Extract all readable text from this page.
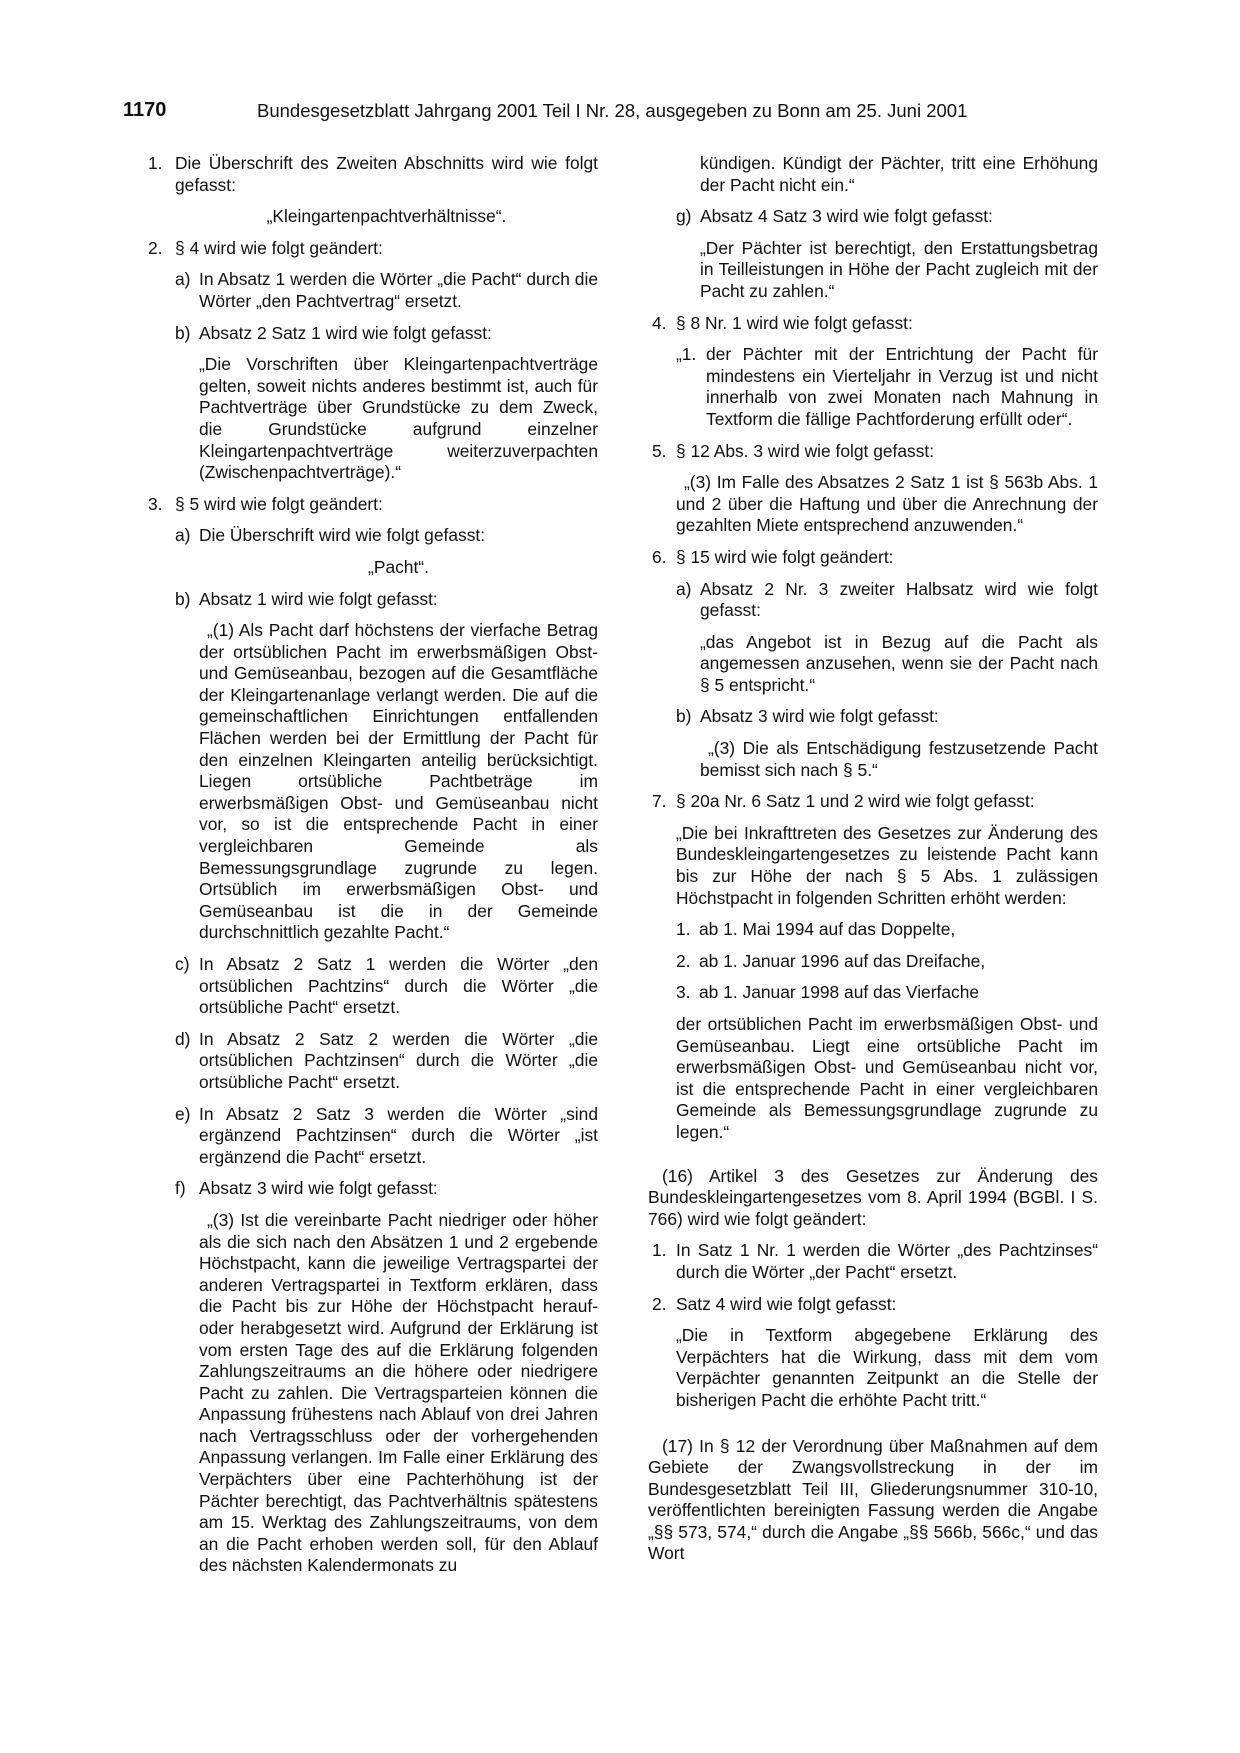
1170	Bundesgesetzblatt Jahrgang 2001 Teil I Nr. 28, ausgegeben zu Bonn am 25. Juni 2001
1. Die Überschrift des Zweiten Abschnitts wird wie folgt gefasst:
„Kleingartenpachtverhältnisse“.
2. § 4 wird wie folgt geändert:
a) In Absatz 1 werden die Wörter „die Pacht“ durch die Wörter „den Pachtvertrag“ ersetzt.
b) Absatz 2 Satz 1 wird wie folgt gefasst:
„Die Vorschriften über Kleingartenpachtverträge gelten, soweit nichts anderes bestimmt ist, auch für Pachtverträge über Grundstücke zu dem Zweck, die Grundstücke aufgrund einzelner Kleingartenpachtverträge weiterzuverpachten (Zwischenpachtverträge).“
3. § 5 wird wie folgt geändert:
a) Die Überschrift wird wie folgt gefasst:
„Pacht“.
b) Absatz 1 wird wie folgt gefasst:
„(1) Als Pacht darf höchstens der vierfache Betrag der ortsüblichen Pacht im erwerbsmäßigen Obst- und Gemüseanbau, bezogen auf die Gesamtfläche der Kleingartenanlage verlangt werden. Die auf die gemeinschaftlichen Einrichtungen entfallenden Flächen werden bei der Ermittlung der Pacht für den einzelnen Kleingarten anteilig berücksichtigt. Liegen ortsübliche Pachtbeträge im erwerbsmäßigen Obst- und Gemüseanbau nicht vor, so ist die entsprechende Pacht in einer vergleichbaren Gemeinde als Bemessungsgrundlage zugrunde zu legen. Ortsüblich im erwerbsmäßigen Obst- und Gemüseanbau ist die in der Gemeinde durchschnittlich gezahlte Pacht.“
c) In Absatz 2 Satz 1 werden die Wörter „den ortsüblichen Pachtzins“ durch die Wörter „die ortsübliche Pacht“ ersetzt.
d) In Absatz 2 Satz 2 werden die Wörter „die ortsüblichen Pachtzinsen“ durch die Wörter „die ortsübliche Pacht“ ersetzt.
e) In Absatz 2 Satz 3 werden die Wörter „sind ergänzend Pachtzinsen“ durch die Wörter „ist ergänzend die Pacht“ ersetzt.
f) Absatz 3 wird wie folgt gefasst:
„(3) Ist die vereinbarte Pacht niedriger oder höher als die sich nach den Absätzen 1 und 2 ergebende Höchstpacht, kann die jeweilige Vertragspartei der anderen Vertragspartei in Textform erklären, dass die Pacht bis zur Höhe der Höchstpacht herauf- oder herabgesetzt wird. Aufgrund der Erklärung ist vom ersten Tage des auf die Erklärung folgenden Zahlungszeitraums an die höhere oder niedrigere Pacht zu zahlen. Die Vertragsparteien können die Anpassung frühestens nach Ablauf von drei Jahren nach Vertragsschluss oder der vorhergehenden Anpassung verlangen. Im Falle einer Erklärung des Verpächters über eine Pachterhöhung ist der Pächter berechtigt, das Pachtverhältnis spätestens am 15. Werktag des Zahlungszeitraums, von dem an die Pacht erhoben werden soll, für den Ablauf des nächsten Kalendermonats zu
kündigen. Kündigt der Pächter, tritt eine Erhöhung der Pacht nicht ein.“
g) Absatz 4 Satz 3 wird wie folgt gefasst:
„Der Pächter ist berechtigt, den Erstattungsbetrag in Teilleistungen in Höhe der Pacht zugleich mit der Pacht zu zahlen.“
4. § 8 Nr. 1 wird wie folgt gefasst:
„1. der Pächter mit der Entrichtung der Pacht für mindestens ein Vierteljahr in Verzug ist und nicht innerhalb von zwei Monaten nach Mahnung in Textform die fällige Pachtforderung erfüllt oder“.
5. § 12 Abs. 3 wird wie folgt gefasst:
„(3) Im Falle des Absatzes 2 Satz 1 ist § 563b Abs. 1 und 2 über die Haftung und über die Anrechnung der gezahlten Miete entsprechend anzuwenden.“
6. § 15 wird wie folgt geändert:
a) Absatz 2 Nr. 3 zweiter Halbsatz wird wie folgt gefasst:
„das Angebot ist in Bezug auf die Pacht als angemessen anzusehen, wenn sie der Pacht nach § 5 entspricht.“
b) Absatz 3 wird wie folgt gefasst:
„(3) Die als Entschädigung festzusetzende Pacht bemisst sich nach § 5.“
7. § 20a Nr. 6 Satz 1 und 2 wird wie folgt gefasst:
„Die bei Inkrafttreten des Gesetzes zur Änderung des Bundeskleingartengesetzes zu leistende Pacht kann bis zur Höhe der nach § 5 Abs. 1 zulässigen Höchstpacht in folgenden Schritten erhöht werden:
1. ab 1. Mai 1994 auf das Doppelte,
2. ab 1. Januar 1996 auf das Dreifache,
3. ab 1. Januar 1998 auf das Vierfache
der ortsüblichen Pacht im erwerbsmäßigen Obst- und Gemüseanbau. Liegt eine ortsübliche Pacht im erwerbsmäßigen Obst- und Gemüseanbau nicht vor, ist die entsprechende Pacht in einer vergleichbaren Gemeinde als Bemessungsgrundlage zugrunde zu legen.“
(16) Artikel 3 des Gesetzes zur Änderung des Bundeskleingartengesetzes vom 8. April 1994 (BGBl. I S. 766) wird wie folgt geändert:
1. In Satz 1 Nr. 1 werden die Wörter „des Pachtzinses“ durch die Wörter „der Pacht“ ersetzt.
2. Satz 4 wird wie folgt gefasst:
„Die in Textform abgegebene Erklärung des Verpächters hat die Wirkung, dass mit dem vom Verpächter genannten Zeitpunkt an die Stelle der bisherigen Pacht die erhöhte Pacht tritt.“
(17) In § 12 der Verordnung über Maßnahmen auf dem Gebiete der Zwangsvollstreckung in der im Bundesgesetzblatt Teil III, Gliederungsnummer 310-10, veröffentlichten bereinigten Fassung werden die Angabe „§§ 573, 574,“ durch die Angabe „§§ 566b, 566c,“ und das Wort
